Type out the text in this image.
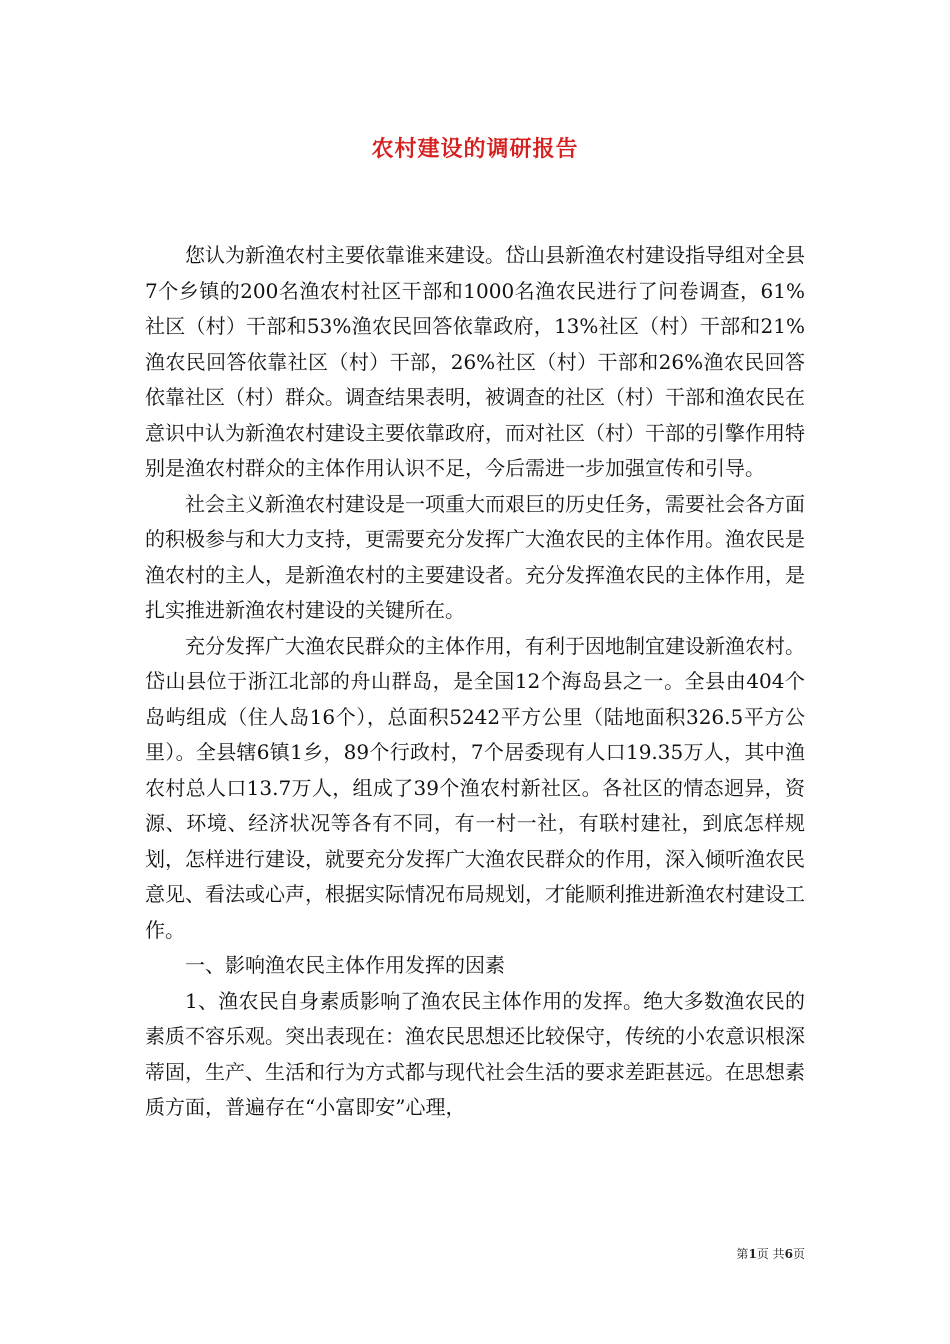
农村建设的调研报告

您认为新渔农村主要依靠谁来建设。岱山县新渔农村建设指导组对全县7个乡镇的200名渔农村社区干部和1000名渔农民进行了问卷调查，61%社区（村）干部和53%渔农民回答依靠政府，13%社区（村）干部和21%渔农民回答依靠社区（村）干部，26%社区（村）干部和26%渔农民回答依靠社区（村）群众。调查结果表明，被调查的社区（村）干部和渔农民在意识中认为新渔农村建设主要依靠政府，而对社区（村）干部的引擎作用特别是渔农村群众的主体作用认识不足，今后需进一步加强宣传和引导。

社会主义新渔农村建设是一项重大而艰巨的历史任务，需要社会各方面的积极参与和大力支持，更需要充分发挥广大渔农民的主体作用。渔农民是渔农村的主人，是新渔农村的主要建设者。充分发挥渔农民的主体作用，是扎实推进新渔农村建设的关键所在。

充分发挥广大渔农民群众的主体作用，有利于因地制宜建设新渔农村。岱山县位于浙江北部的舟山群岛，是全国12个海岛县之一。全县由404个岛屿组成（住人岛16个），总面积5242平方公里（陆地面积326.5平方公里）。全县辖6镇1乡，89个行政村，7个居委现有人口19.35万人，其中渔农村总人口13.7万人，组成了39个渔农村新社区。各社区的情态迥异，资源、环境、经济状况等各有不同，有一村一社，有联村建社，到底怎样规划，怎样进行建设，就要充分发挥广大渔农民群众的作用，深入倾听渔农民意见、看法或心声，根据实际情况布局规划，才能顺利推进新渔农村建设工作。

一、影响渔农民主体作用发挥的因素

1、渔农民自身素质影响了渔农民主体作用的发挥。绝大多数渔农民的素质不容乐观。突出表现在：渔农民思想还比较保守，传统的小农意识根深蒂固，生产、生活和行为方式都与现代社会生活的要求差距甚远。在思想素质方面，普遍存在“小富即安”心理，

第1页 共6页
